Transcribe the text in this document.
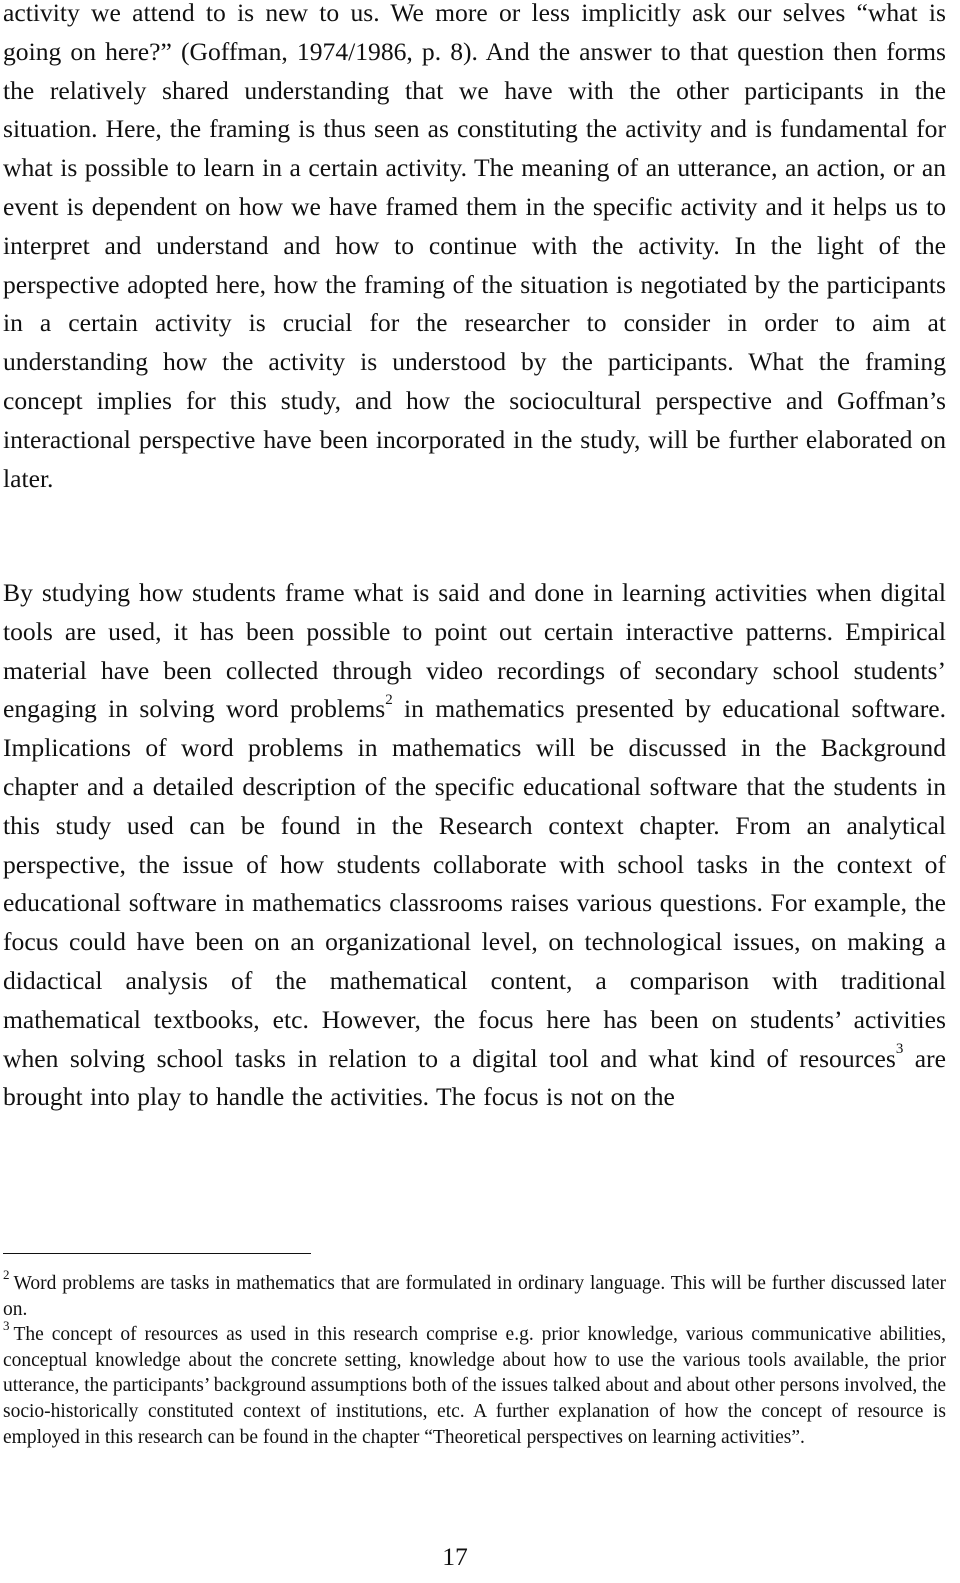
activity we attend to is new to us. We more or less implicitly ask our selves “what is going on here?” (Goffman, 1974/1986, p. 8). And the answer to that question then forms the relatively shared understanding that we have with the other participants in the situation. Here, the framing is thus seen as constituting the activity and is fundamental for what is possible to learn in a certain activity. The meaning of an utterance, an action, or an event is dependent on how we have framed them in the specific activity and it helps us to interpret and understand and how to continue with the activity. In the light of the perspective adopted here, how the framing of the situation is negotiated by the participants in a certain activity is crucial for the researcher to consider in order to aim at understanding how the activity is understood by the participants. What the framing concept implies for this study, and how the sociocultural perspective and Goffman’s interactional perspective have been incorporated in the study, will be further elaborated on later.

By studying how students frame what is said and done in learning activities when digital tools are used, it has been possible to point out certain interactive patterns. Empirical material have been collected through video recordings of secondary school students’ engaging in solving word problems$^2$ in mathematics presented by educational software. Implications of word problems in mathematics will be discussed in the Background chapter and a detailed description of the specific educational software that the students in this study used can be found in the Research context chapter. From an analytical perspective, the issue of how students collaborate with school tasks in the context of educational software in mathematics classrooms raises various questions. For example, the focus could have been on an organizational level, on technological issues, on making a didactical analysis of the mathematical content, a comparison with traditional mathematical textbooks, etc. However, the focus here has been on students’ activities when solving school tasks in relation to a digital tool and what kind of resources$^3$ are brought into play to handle the activities. The focus is not on the

$^2$ Word problems are tasks in mathematics that are formulated in ordinary language. This will be further discussed later on.

$^3$ The concept of resources as used in this research comprise e.g. prior knowledge, various communicative abilities, conceptual knowledge about the concrete setting, knowledge about how to use the various tools available, the prior utterance, the participants’ background assumptions both of the issues talked about and about other persons involved, the socio-historically constituted context of institutions, etc. A further explanation of how the concept of resource is employed in this research can be found in the chapter “Theoretical perspectives on learning activities”.

17
